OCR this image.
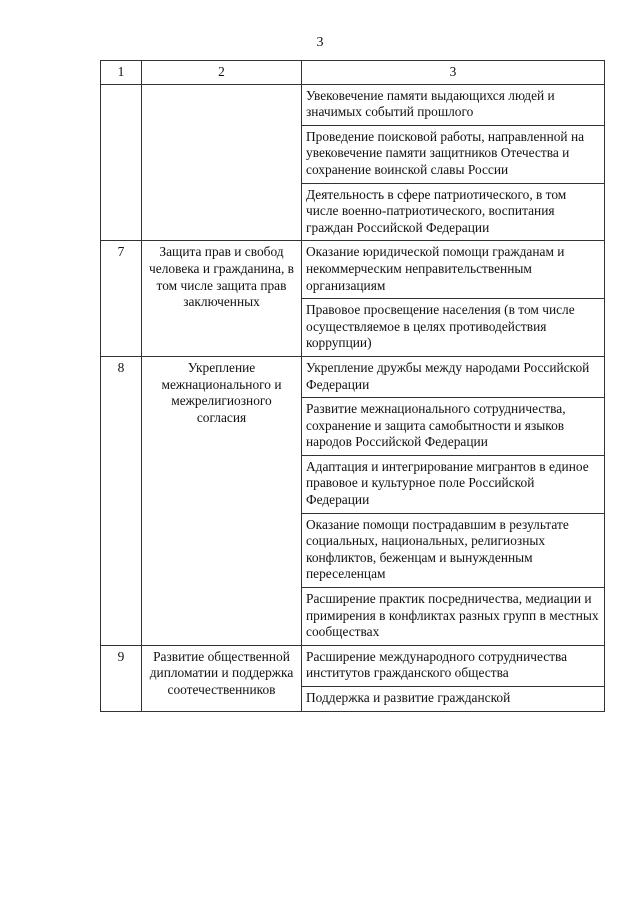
3
1	2	3
		Увековечение памяти выдающихся людей и значимых событий прошлого
		Проведение поисковой работы, направленной на увековечение памяти защитников Отечества и сохранение воинской славы России
		Деятельность в сфере патриотического, в том числе военно-патриотического, воспитания граждан Российской Федерации
7	Защита прав и свобод человека и гражданина, в том числе защита прав заключенных	Оказание юридической помощи гражданам и некоммерческим неправительственным организациям
		Правовое просвещение населения (в том числе осуществляемое в целях противодействия коррупции)
8	Укрепление межнационального и межрелигиозного согласия	Укрепление дружбы между народами Российской Федерации
		Развитие межнационального сотрудничества, сохранение и защита самобытности и языков народов Российской Федерации
		Адаптация и интегрирование мигрантов в единое правовое и культурное поле Российской Федерации
		Оказание помощи пострадавшим в результате социальных, национальных, религиозных конфликтов, беженцам и вынужденным переселенцам
		Расширение практик посредничества, медиации и примирения в конфликтах разных групп в местных сообществах
9	Развитие общественной дипломатии и поддержка соотечественников	Расширение международного сотрудничества институтов гражданского общества
		Поддержка и развитие гражданской
